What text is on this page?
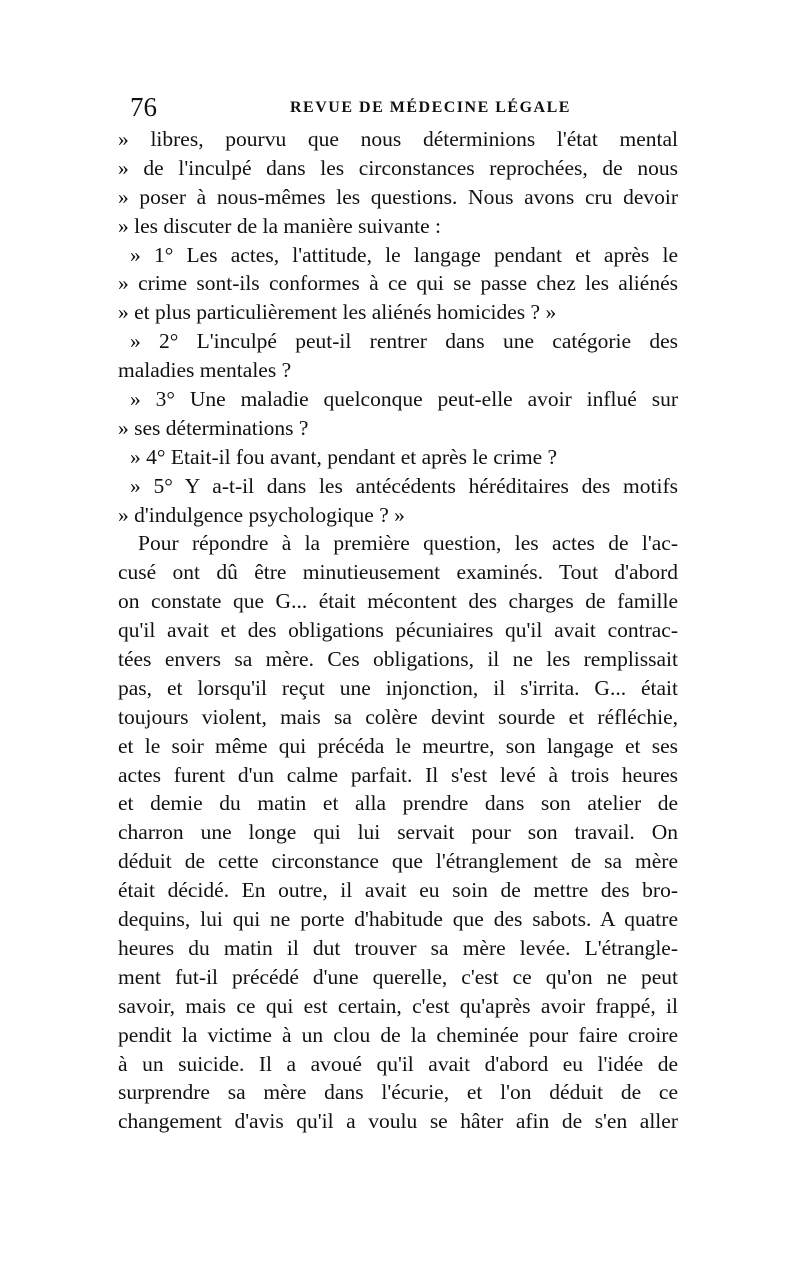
76	REVUE DE MÉDECINE LÉGALE
» libres, pourvu que nous déterminions l'état mental
» de l'inculpé dans les circonstances reprochées, de nous
» poser à nous-mêmes les questions. Nous avons cru devoir
» les discuter de la manière suivante :
» 1° Les actes, l'attitude, le langage pendant et après le
» crime sont-ils conformes à ce qui se passe chez les aliénés
» et plus particulièrement les aliénés homicides ? »
» 2° L'inculpé peut-il rentrer dans une catégorie des
maladies mentales ?
» 3° Une maladie quelconque peut-elle avoir influé sur
» ses déterminations ?
» 4° Etait-il fou avant, pendant et après le crime ?
» 5° Y a-t-il dans les antécédents héréditaires des motifs
» d'indulgence psychologique ? »
Pour répondre à la première question, les actes de l'ac-
cusé ont dû être minutieusement examinés. Tout d'abord
on constate que G... était mécontent des charges de famille
qu'il avait et des obligations pécuniaires qu'il avait contrac-
tées envers sa mère. Ces obligations, il ne les remplissait
pas, et lorsqu'il reçut une injonction, il s'irrita. G... était
toujours violent, mais sa colère devint sourde et réfléchie,
et le soir même qui précéda le meurtre, son langage et ses
actes furent d'un calme parfait. Il s'est levé à trois heures
et demie du matin et alla prendre dans son atelier de
charron une longe qui lui servait pour son travail. On
déduit de cette circonstance que l'étranglement de sa mère
était décidé. En outre, il avait eu soin de mettre des bro-
dequins, lui qui ne porte d'habitude que des sabots. A quatre
heures du matin il dut trouver sa mère levée. L'étrangle-
ment fut-il précédé d'une querelle, c'est ce qu'on ne peut
savoir, mais ce qui est certain, c'est qu'après avoir frappé, il
pendit la victime à un clou de la cheminée pour faire croire
à un suicide. Il a avoué qu'il avait d'abord eu l'idée de
surprendre sa mère dans l'écurie, et l'on déduit de ce
changement d'avis qu'il a voulu se hâter afin de s'en aller
